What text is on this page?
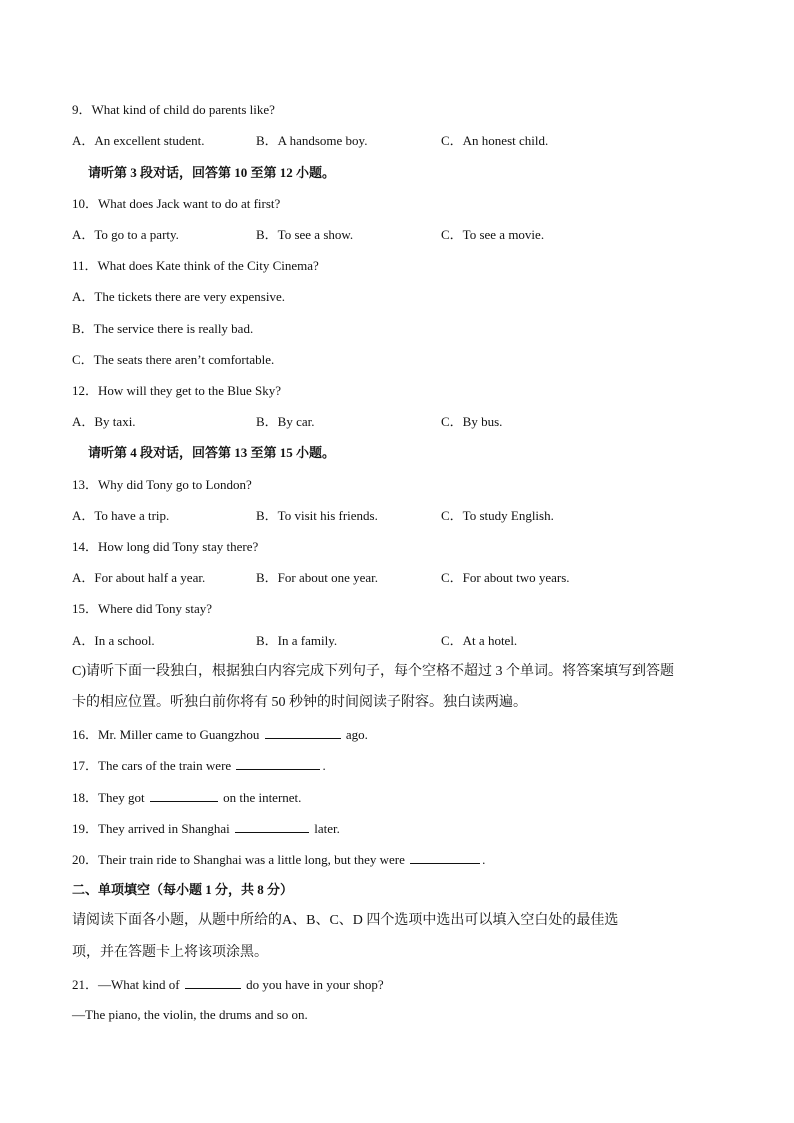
9．What kind of child do parents like?
A．An excellent student.	B．A handsome boy.	C．An honest child.
请听第 3 段对话，回答第 10 至第 12 小题。
10．What does Jack want to do at first?
A．To go to a party.	B．To see a show.	C．To see a movie.
11．What does Kate think of the City Cinema?
A．The tickets there are very expensive.
B．The service there is really bad.
C．The seats there aren’t comfortable.
12．How will they get to the Blue Sky?
A．By taxi.	B．By car.	C．By bus.
请听第 4 段对话，回答第 13 至第 15 小题。
13．Why did Tony go to London?
A．To have a trip.	B．To visit his friends.	C．To study English.
14．How long did Tony stay there?
A．For about half a year.	B．For about one year.	C．For about two years.
15．Where did Tony stay?
A．In a school.	B．In a family.	C．At a hotel.
C)请听下面一段独白，根据独白内容完成下列句子，每个空格不超过 3 个单词。将答案填写到答题
卡的相应位置。听独白前你将有 50 秒钟的时间阅读子附容。独白读两遍。
16．Mr. Miller came to Guangzhou	ago.
17．The cars of the train were	.
18．They got	on the internet.
19．They arrived in Shanghai	later.
20．Their train ride to Shanghai was a little long, but they were	.
二、单项填空（每小题 1 分，共 8 分）
请阅读下面各小题，从题中所给的A、B、C、D 四个选项中选出可以填入空白处的最佳选
项，并在答题卡上将该项涂黑。
21．—What kind of	do you have in your shop?
—The piano, the violin, the drums and so on.
